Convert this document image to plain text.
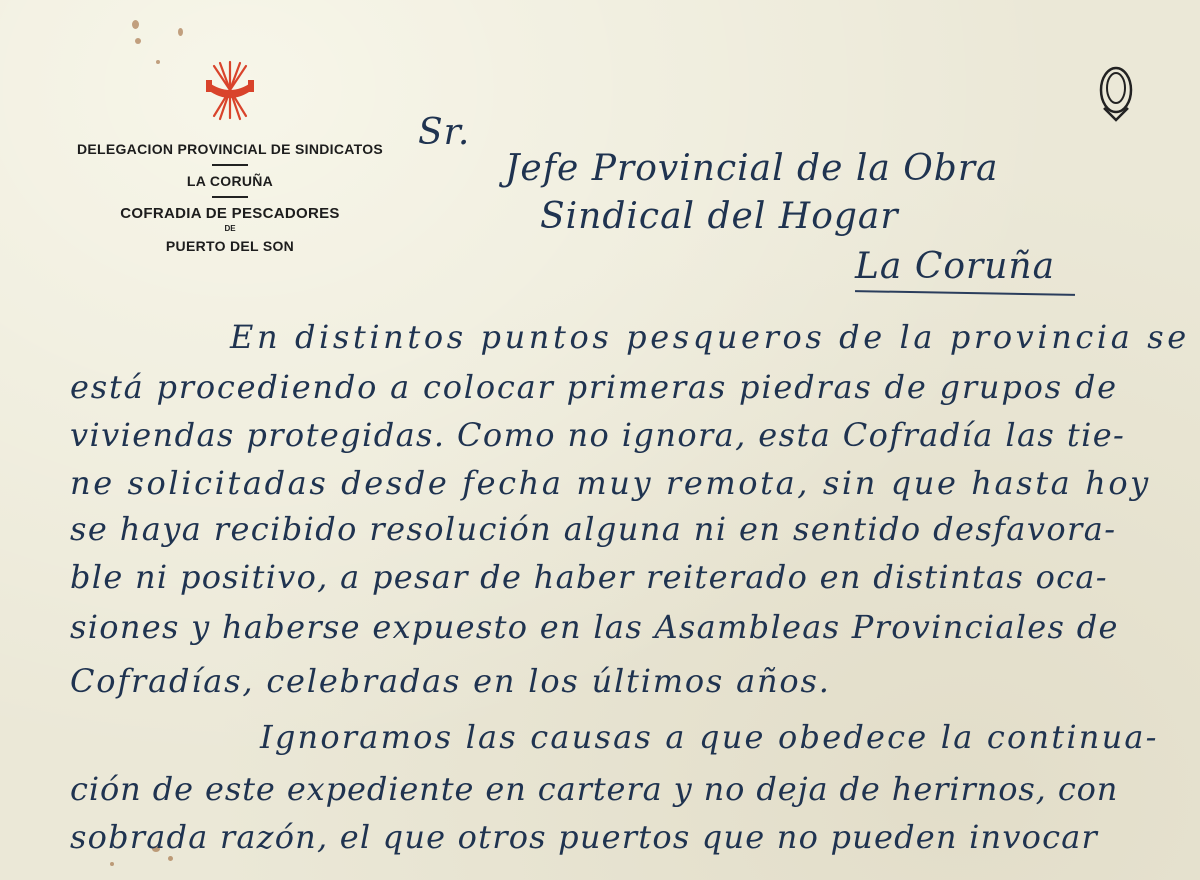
DELEGACION PROVINCIAL DE SINDICATOS
LA CORUÑA
COFRADIA DE PESCADORES
DE
PUERTO DEL SON
Sr.
Jefe Provincial de la Obra
Sindical del Hogar
La Coruña
En distintos puntos pesqueros de la provincia se
está procediendo a colocar primeras piedras de grupos de
viviendas protegidas. Como no ignora, esta Cofradía las tie-
ne solicitadas desde fecha muy remota, sin que hasta hoy
se haya recibido resolución alguna ni en sentido desfavora-
ble ni positivo, a pesar de haber reiterado en distintas oca-
siones y haberse expuesto en las Asambleas Provinciales de
Cofradías, celebradas en los últimos años.
Ignoramos las causas a que obedece la continua-
ción de este expediente en cartera y no deja de herirnos, con
sobrada razón, el que otros puertos que no pueden invocar
